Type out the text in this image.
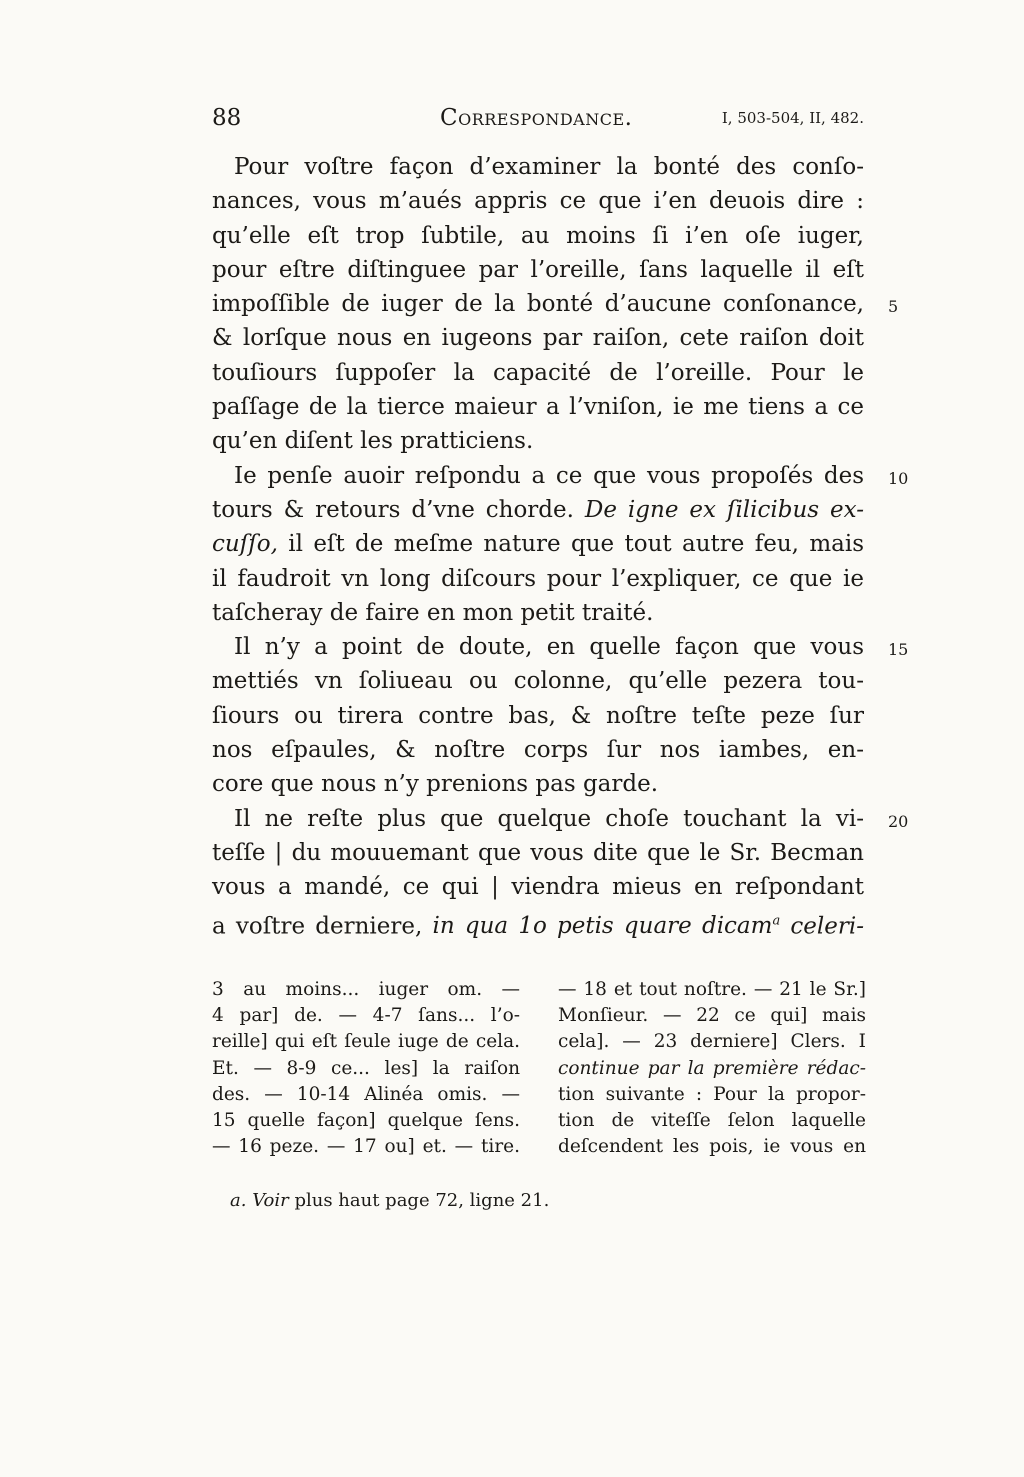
88	Correspondance.	I, 503-504, II, 482.
Pour voſtre façon d’examiner la bonté des conſo-
nances, vous m’aués appris ce que i’en deuois dire :
qu’elle eſt trop ſubtile, au moins ſi i’en oſe iuger,
pour eſtre diſtinguee par l’oreille, ſans laquelle il eſt
impoſſible de iuger de la bonté d’aucune conſonance, 5
& lorſque nous en iugeons par raiſon, cete raiſon doit
touſiours ſuppoſer la capacité de l’oreille. Pour le
paſſage de la tierce maieur a l’vniſon, ie me tiens a ce
qu’en diſent les pratticiens.
Ie penſe auoir reſpondu a ce que vous propoſés des 10
tours & retours d’vne chorde. De igne ex ſilicibus ex-
cuſſo, il eſt de meſme nature que tout autre feu, mais
il faudroit vn long diſcours pour l’expliquer, ce que ie
taſcheray de faire en mon petit traité.
Il n’y a point de doute, en quelle façon que vous 15
mettiés vn ſoliueau ou colonne, qu’elle pezera tou-
ſiours ou tirera contre bas, & noſtre teſte peze ſur
nos eſpaules, & noſtre corps ſur nos iambes, en-
core que nous n’y prenions pas garde.
Il ne reſte plus que quelque choſe touchant la vi- 20
teſſe | du mouuemant que vous dite que le Sr. Becman
vous a mandé, ce qui | viendra mieus en reſpondant
a voſtre derniere, in qua 1o petis quare dicam$^a$ celeri-
3 au moins... iuger om. —
4 par] de. — 4-7 ſans... l’o-
reille] qui eſt ſeule iuge de cela.
Et. — 8-9 ce... les] la raiſon
des. — 10-14 Alinéa omis. —
15 quelle façon] quelque ſens.
— 16 peze. — 17 ou] et. — tire.
— 18 et tout noſtre. — 21 le Sr.]
Monſieur. — 22 ce qui] mais
cela]. — 23 derniere] Clers. I
continue par la première rédac-
tion suivante : Pour la propor-
tion de viteſſe ſelon laquelle
deſcendent les pois, ie vous en
a. Voir plus haut page 72, ligne 21.
